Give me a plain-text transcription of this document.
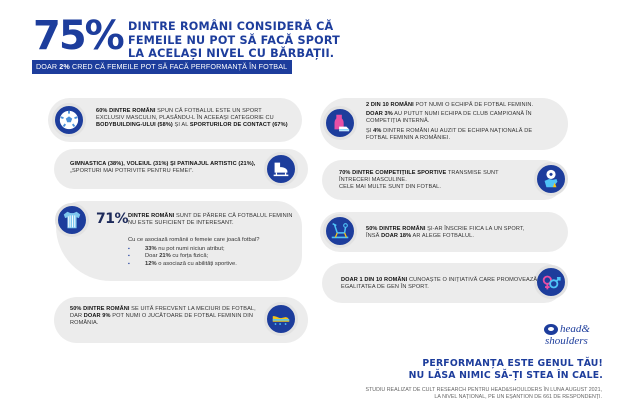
75% DINTRE ROMÂNI CONSIDERĂ CĂ
FEMEILE NU POT SĂ FACĂ SPORT
LA ACELAȘI NIVEL CU BĂRBAȚII.
DOAR 2% CRED CĂ FEMEILE POT SĂ FACĂ PERFORMANȚĂ ÎN FOTBAL
60% DINTRE ROMÂNI SPUN CĂ FOTBALUL ESTE UN SPORT
EXCLUSIV MASCULIN, PLASÂNDU-L ÎN ACEEAȘI CATEGORIE CU
BODYBUILDING-ULUI (58%) ȘI AL SPORTURILOR DE CONTACT (67%)
GIMNASTICA (38%), VOLEIUL (31%) ȘI PATINAJUL ARTISTIC (21%),
„SPORTURI MAI POTRIVITE PENTRU FEMEI”.
71% DINTRE ROMÂNI SUNT DE PĂRERE CĂ FOTBALUL FEMININ
NU ESTE SUFICIENT DE INTERESANT.
Cu ce asociază românii o femeie care joacă fotbal?
▪ 33% nu pot numi niciun atribut;
▪ Doar 21% cu forța fizică;
▪ 12% o asociază cu abilități sportive.
50% DINTRE ROMÂNI SE UITĂ FRECVENT LA MECIURI DE FOTBAL,
DAR DOAR 9% POT NUMI O JUCĂTOARE DE FOTBAL FEMININ DIN
ROMÂNIA.

2 DIN 10 ROMÂNI POT NUMI O ECHIPĂ DE FOTBAL FEMININ.

DOAR 3% AU PUTUT NUMI ECHIPA DE CLUB CAMPIOANĂ ÎN
COMPETIȚIA INTERNĂ.

ȘI 4% DINTRE ROMÂNI AU AUZIT DE ECHIPA NAȚIONALĂ DE
FOTBAL FEMININ A ROMÂNIEI.

70% DINTRE COMPETIȚIILE SPORTIVE TRANSMISE SUNT
ÎNTRECERI MASCULINE.
CELE MAI MULTE SUNT DIN FOTBAL.
50% DINTRE ROMÂNI ȘI-AR ÎNSCRIE FIICA LA UN SPORT,
ÎNSĂ DOAR 18% AR ALEGE FOTBALUL.
DOAR 1 DIN 10 ROMÂNI CUNOAȘTE O INIȚIATIVĂ CARE PROMOVEAZĂ
EGALITATEA DE GEN ÎN SPORT.
head&
shoulders
PERFORMANȚA ESTE GENUL TĂU!
NU LĂSA NIMIC SĂ-ȚI STEA ÎN CALE.
STUDIU REALIZAT DE CULT RESEARCH PENTRU HEAD&SHOULDERS ÎN LUNA AUGUST 2021,
LA NIVEL NAȚIONAL, PE UN EȘANTION DE 661 DE RESPONDENȚI.
